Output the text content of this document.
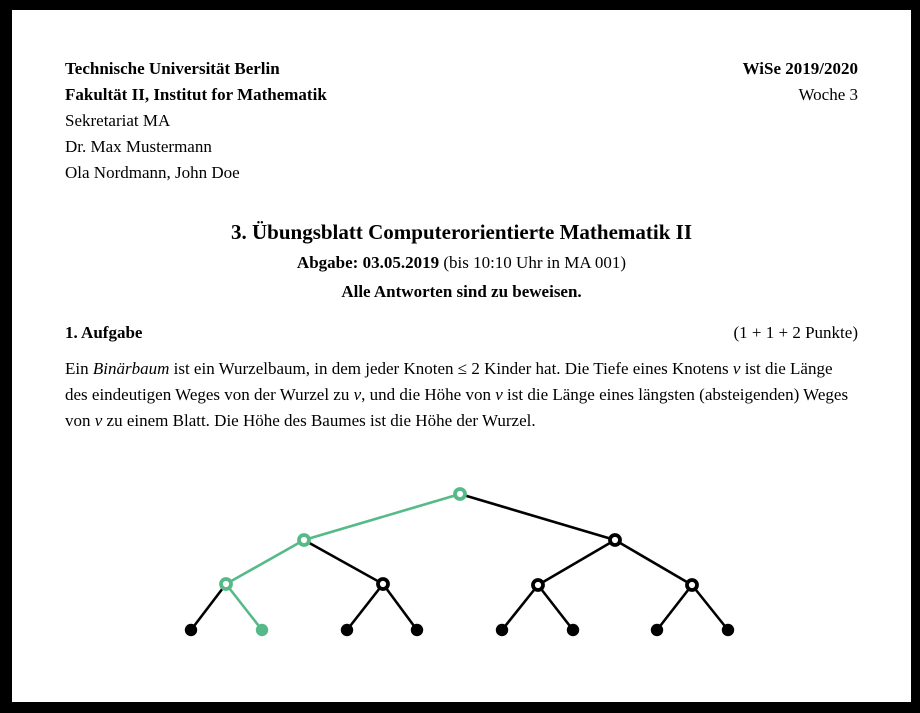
Technische Universität Berlin
Fakultät II, Institut for Mathematik
Sekretariat MA
Dr. Max Mustermann
Ola Nordmann, John Doe
WiSe 2019/2020
Woche 3
3. Übungsblatt Computerorientierte Mathematik II
Abgabe: 03.05.2019 (bis 10:10 Uhr in MA 001)
Alle Antworten sind zu beweisen.
1. Aufgabe	(1 + 1 + 2 Punkte)

Ein Binärbaum ist ein Wurzelbaum, in dem jeder Knoten ≤ 2 Kinder hat. Die Tiefe eines Knotens v ist die Länge des eindeutigen Weges von der Wurzel zu v, und die Höhe von v ist die Länge eines längsten (absteigenden) Weges von v zu einem Blatt. Die Höhe des Baumes ist die Höhe der Wurzel.
